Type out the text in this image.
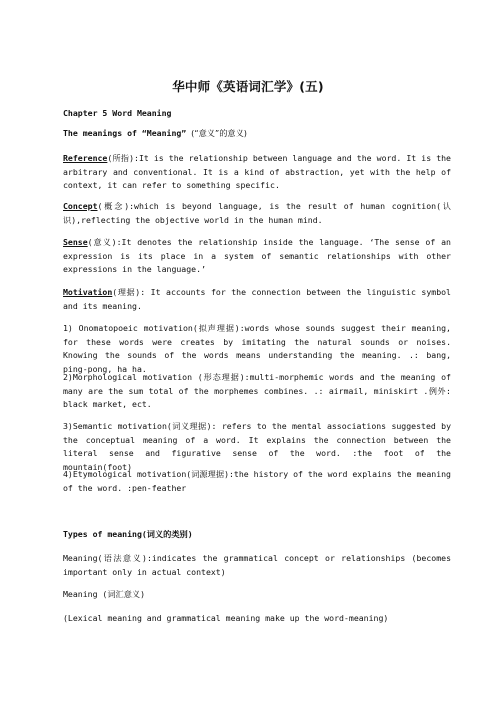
华中师《英语词汇学》(五)
Chapter 5 Word Meaning
The meanings of “Meaning” (“意义”的意义)
Reference(所指):It is the relationship between language and the word. It is the arbitrary and conventional. It is a kind of abstraction, yet with the help of context, it can refer to something specific.
Concept(概念):which is beyond language, is the result of human cognition(认识),reflecting the objective world in the human mind.
Sense(意义):It denotes the relationship inside the language. ‘The sense of an expression is its place in a system of semantic relationships with other expressions in the language.’
Motivation(理据): It accounts for the connection between the linguistic symbol and its meaning.
1) Onomatopoeic motivation(拟声理据):words whose sounds suggest their meaning, for these words were creates by imitating the natural sounds or noises. Knowing the sounds of the words means understanding the meaning. .: bang, ping-pong, ha ha.
2)Morphological motivation (形态理据):multi-morphemic words and the meaning of many are the sum total of the morphemes combines. .: airmail, miniskirt .例外: black market, ect.
3)Semantic motivation(词义理据): refers to the mental associations suggested by the conceptual meaning of a word. It explains the connection between the literal sense and figurative sense of the word. :the foot of the mountain(foot)
4)Etymological motivation(词源理据):the history of the word explains the meaning of the word. :pen-feather
Types of meaning(词义的类别)
Meaning(语法意义):indicates the grammatical concept or relationships (becomes important only in actual context)
Meaning (词汇意义)
(Lexical meaning and grammatical meaning make up the word-meaning)
